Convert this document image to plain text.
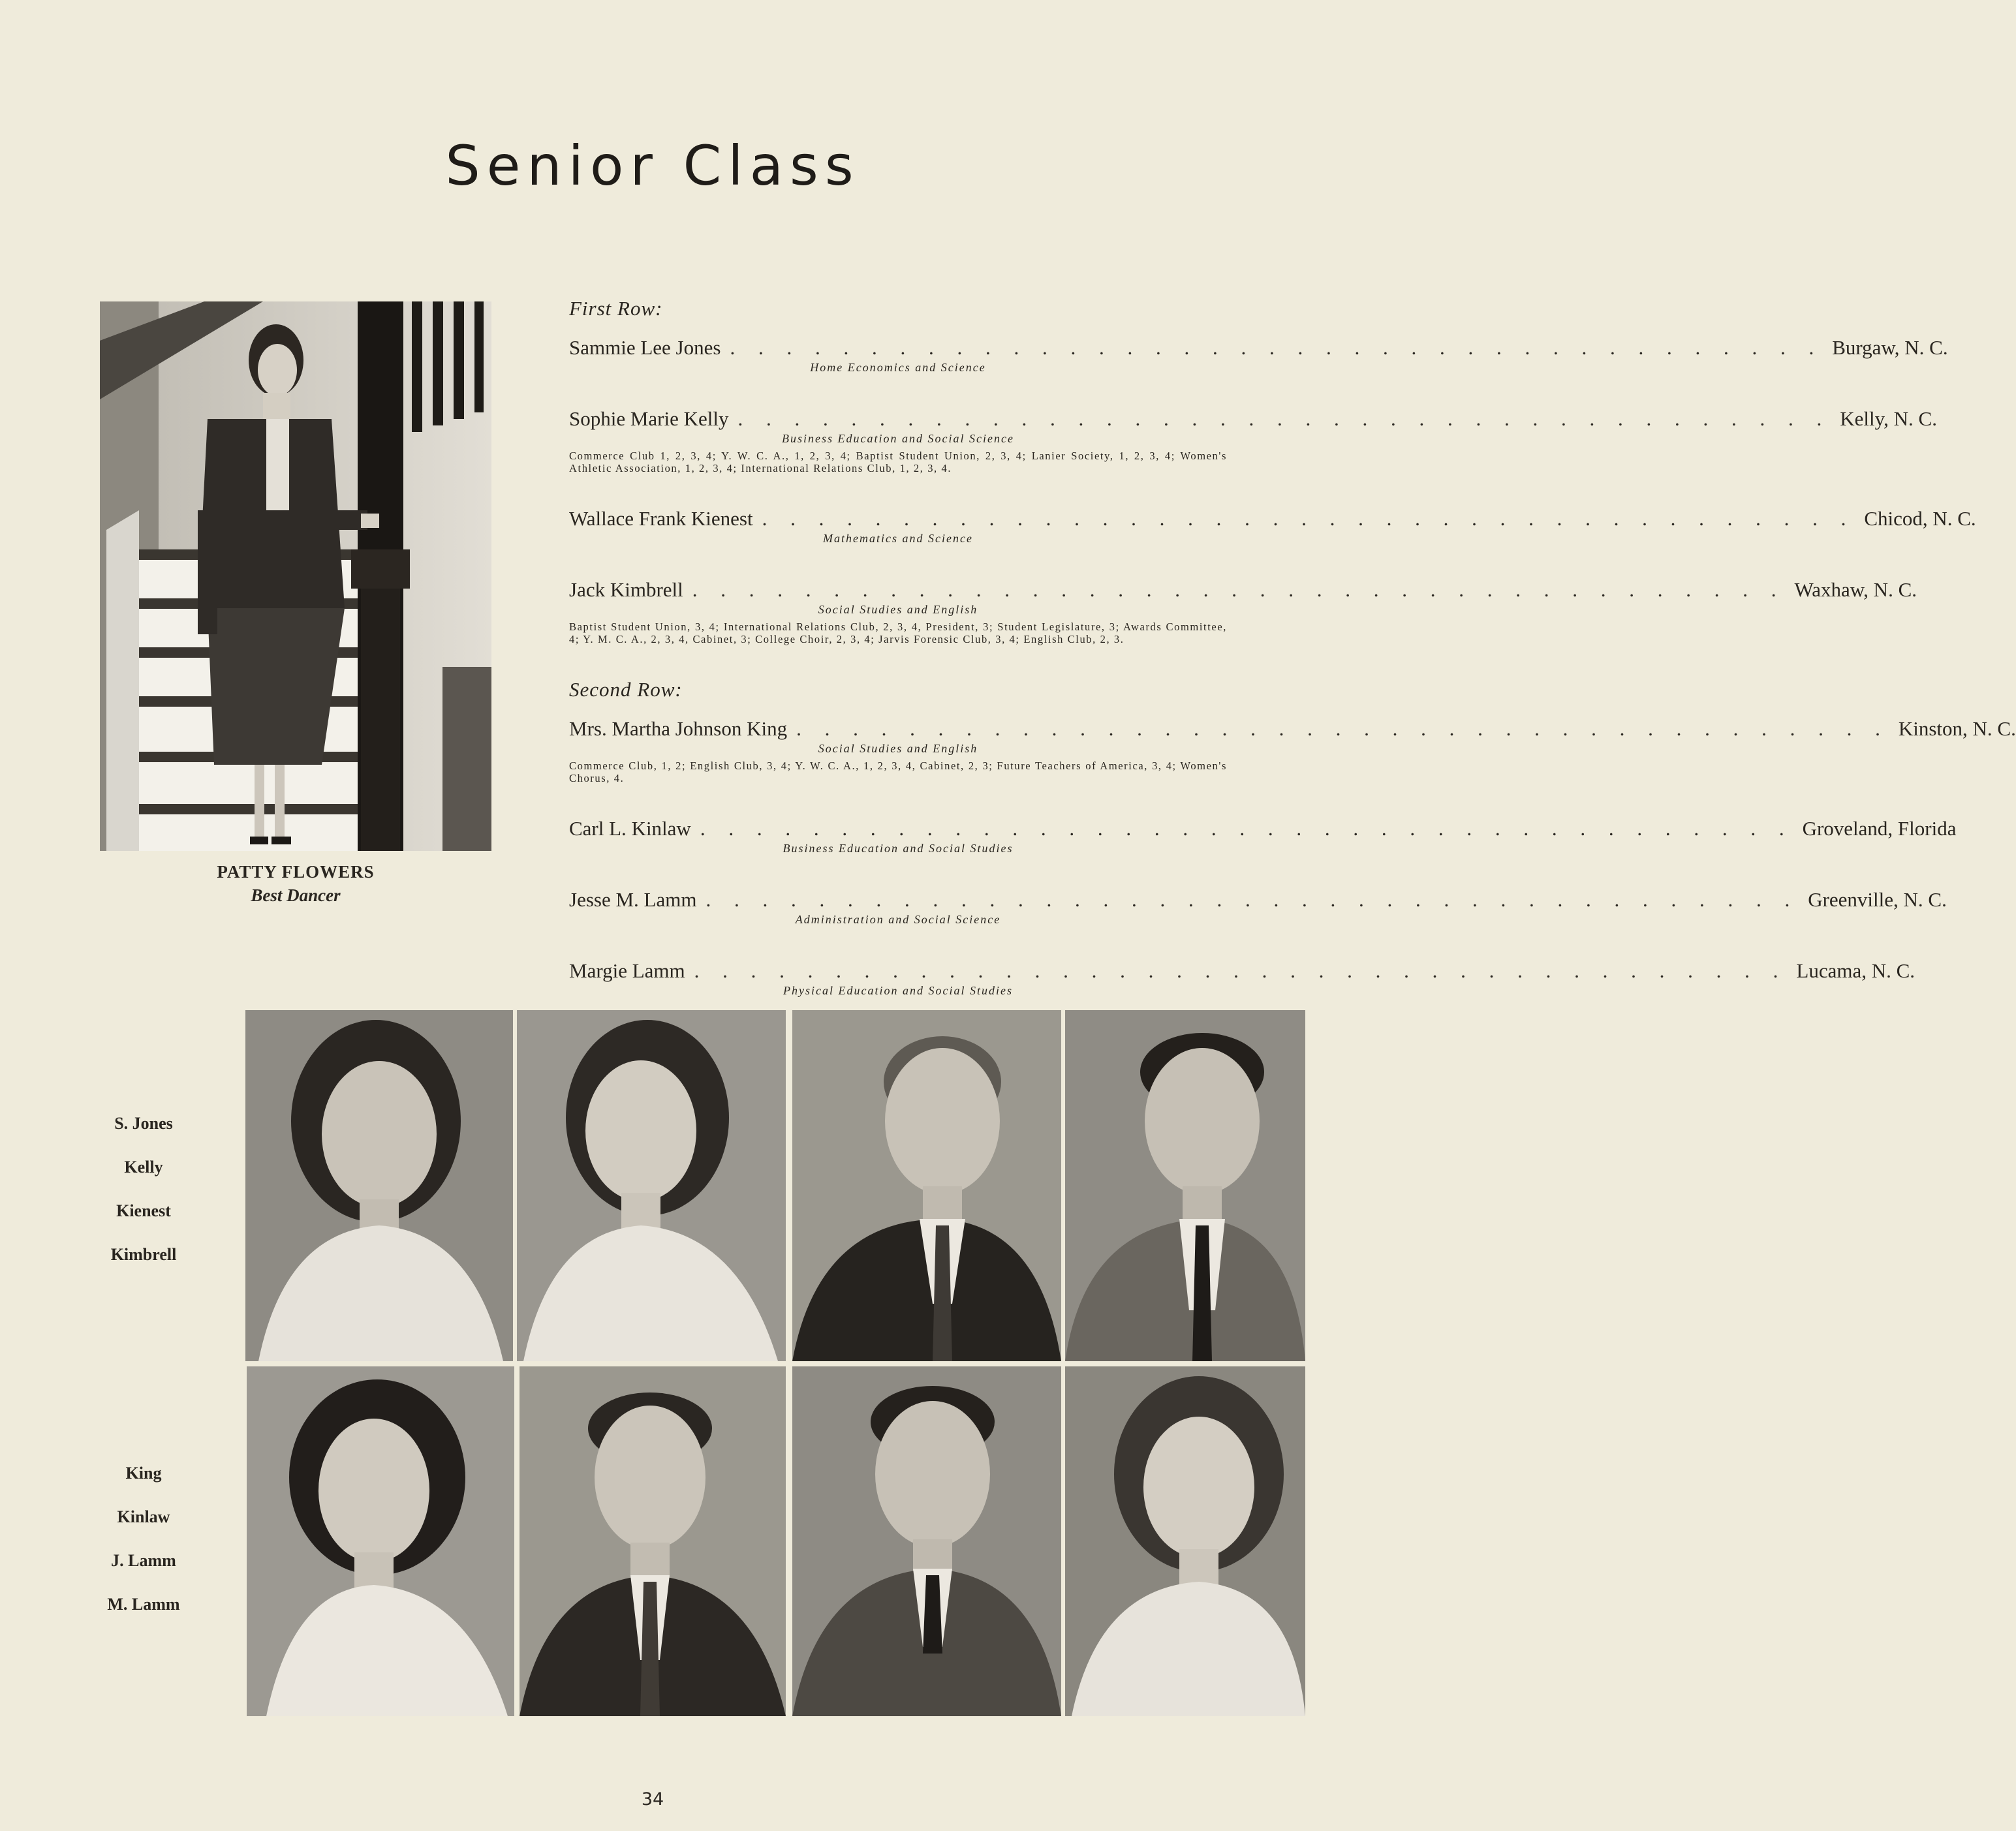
Senior Class
PATTY FLOWERS
Best Dancer
First Row:
Sammie Lee Jones . . . . . . . . . . . . . . . . . . . . . . . . . . . . . . . . . . . . . . . Burgaw, N. C.
Home Economics and Science
Sophie Marie Kelly . . . . . . . . . . . . . . . . . . . . . . . . . . . . . . . . . . . . . . . Kelly, N. C.
Business Education and Social Science
Commerce Club 1, 2, 3, 4; Y. W. C. A., 1, 2, 3, 4; Baptist Student Union, 2, 3, 4; Lanier Society, 1, 2, 3, 4; Women's Athletic Association, 1, 2, 3, 4; International Relations Club, 1, 2, 3, 4.
Wallace Frank Kienest . . . . . . . . . . . . . . . . . . . . . . . . . . . . . . . . . . . . . . . Chicod, N. C.
Mathematics and Science
Jack Kimbrell . . . . . . . . . . . . . . . . . . . . . . . . . . . . . . . . . . . . . . . Waxhaw, N. C.
Social Studies and English
Baptist Student Union, 3, 4; International Relations Club, 2, 3, 4, President, 3; Student Legislature, 3; Awards Committee, 4; Y. M. C. A., 2, 3, 4, Cabinet, 3; College Choir, 2, 3, 4; Jarvis Forensic Club, 3, 4; English Club, 2, 3.
Second Row:
Mrs. Martha Johnson King . . . . . . . . . . . . . . . . . . . . . . . . . . . . . . . . . . . . . . . Kinston, N. C.
Social Studies and English
Commerce Club, 1, 2; English Club, 3, 4; Y. W. C. A., 1, 2, 3, 4, Cabinet, 2, 3; Future Teachers of America, 3, 4; Women's Chorus, 4.
Carl L. Kinlaw . . . . . . . . . . . . . . . . . . . . . . . . . . . . . . . . . . . . . . . Groveland, Florida
Business Education and Social Studies
Jesse M. Lamm . . . . . . . . . . . . . . . . . . . . . . . . . . . . . . . . . . . . . . . Greenville, N. C.
Administration and Social Science
Margie Lamm . . . . . . . . . . . . . . . . . . . . . . . . . . . . . . . . . . . . . . . Lucama, N. C.
Physical Education and Social Studies
S. Jones
Kelly
Kienest
Kimbrell
King
Kinlaw
J. Lamm
M. Lamm
34
